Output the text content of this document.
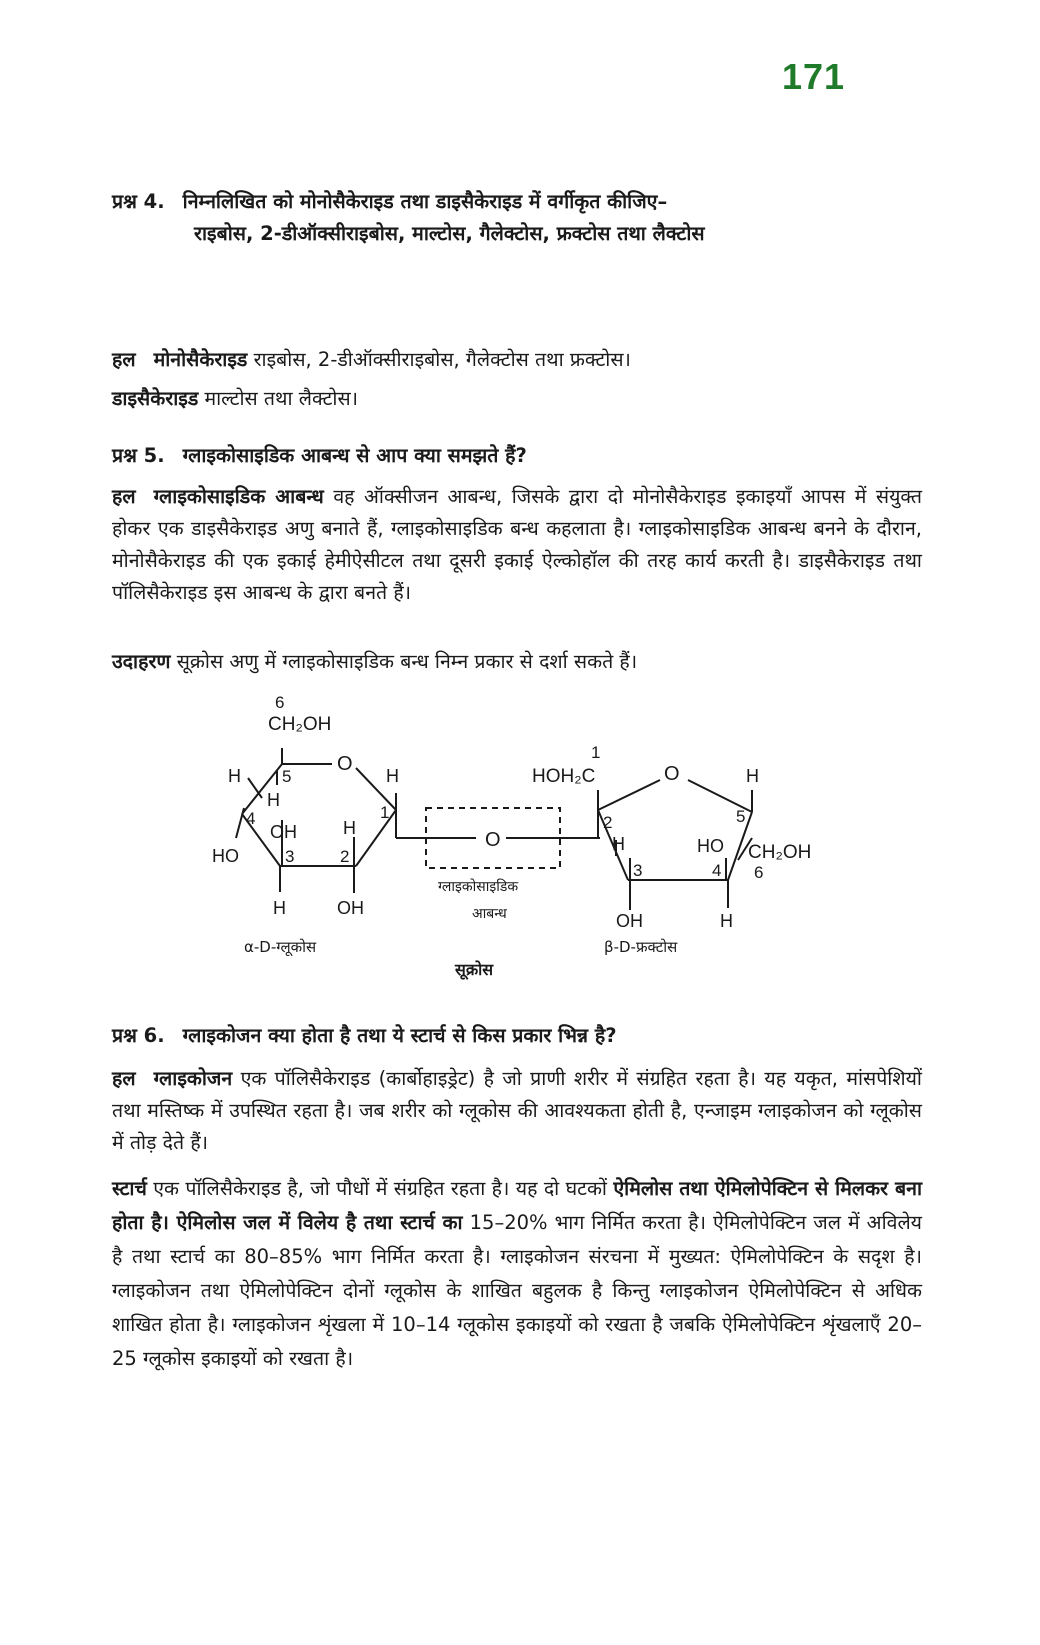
171
प्रश्न 4. निम्नलिखित को मोनोसैकेराइड तथा डाइसैकेराइड में वर्गीकृत कीजिए–
राइबोस, 2-डीऑक्सीराइबोस, माल्टोस, गैलेक्टोस, फ्रक्टोस तथा लैक्टोस
हल मोनोसैकेराइड राइबोस, 2-डीऑक्सीराइबोस, गैलेक्टोस तथा फ्रक्टोस।
डाइसैकेराइड माल्टोस तथा लैक्टोस।
प्रश्न 5. ग्लाइकोसाइडिक आबन्ध से आप क्या समझते हैं?
हल ग्लाइकोसाइडिक आबन्ध वह ऑक्सीजन आबन्ध, जिसके द्वारा दो मोनोसैकेराइड इकाइयाँ आपस में संयुक्त होकर एक डाइसैकेराइड अणु बनाते हैं, ग्लाइकोसाइडिक बन्ध कहलाता है। ग्लाइकोसाइडिक आबन्ध बनने के दौरान, मोनोसैकेराइड की एक इकाई हेमीऐसीटल तथा दूसरी इकाई ऐल्कोहॉल की तरह कार्य करती है। डाइसैकेराइड तथा पॉलिसैकेराइड इस आबन्ध के द्वारा बनते हैं।
उदाहरण सूक्रोस अणु में ग्लाइकोसाइडिक बन्ध निम्न प्रकार से दर्शा सकते हैं।
6
CH₂OH
O
H 5
H
4
HO
OH
3
H
H
2
OH
1
H
α-D-ग्लूकोस
O
ग्लाइकोसाइडिक
आबन्ध
सूक्रोस
1
HOH₂C	O
2
H
3
OH
HO
4
H
5
H
CH₂OH
6
β-D-फ्रक्टोस
प्रश्न 6. ग्लाइकोजन क्या होता है तथा ये स्टार्च से किस प्रकार भिन्न है?
हल ग्लाइकोजन एक पॉलिसैकेराइड (कार्बोहाइड्रेट) है जो प्राणी शरीर में संग्रहित रहता है। यह यकृत, मांसपेशियों तथा मस्तिष्क में उपस्थित रहता है। जब शरीर को ग्लूकोस की आवश्यकता होती है, एन्जाइम ग्लाइकोजन को ग्लूकोस में तोड़ देते हैं।
स्टार्च एक पॉलिसैकेराइड है, जो पौधों में संग्रहित रहता है। यह दो घटकों ऐमिलोस तथा ऐमिलोपेक्टिन से मिलकर बना होता है। ऐमिलोस जल में विलेय है तथा स्टार्च का 15–20% भाग निर्मित करता है। ऐमिलोपेक्टिन जल में अविलेय है तथा स्टार्च का 80–85% भाग निर्मित करता है। ग्लाइकोजन संरचना में मुख्यत: ऐमिलोपेक्टिन के सदृश है। ग्लाइकोजन तथा ऐमिलोपेक्टिन दोनों ग्लूकोस के शाखित बहुलक है किन्तु ग्लाइकोजन ऐमिलोपेक्टिन से अधिक शाखित होता है। ग्लाइकोजन शृंखला में 10–14 ग्लूकोस इकाइयों को रखता है जबकि ऐमिलोपेक्टिन शृंखलाएँ 20–25 ग्लूकोस इकाइयों को रखता है।
